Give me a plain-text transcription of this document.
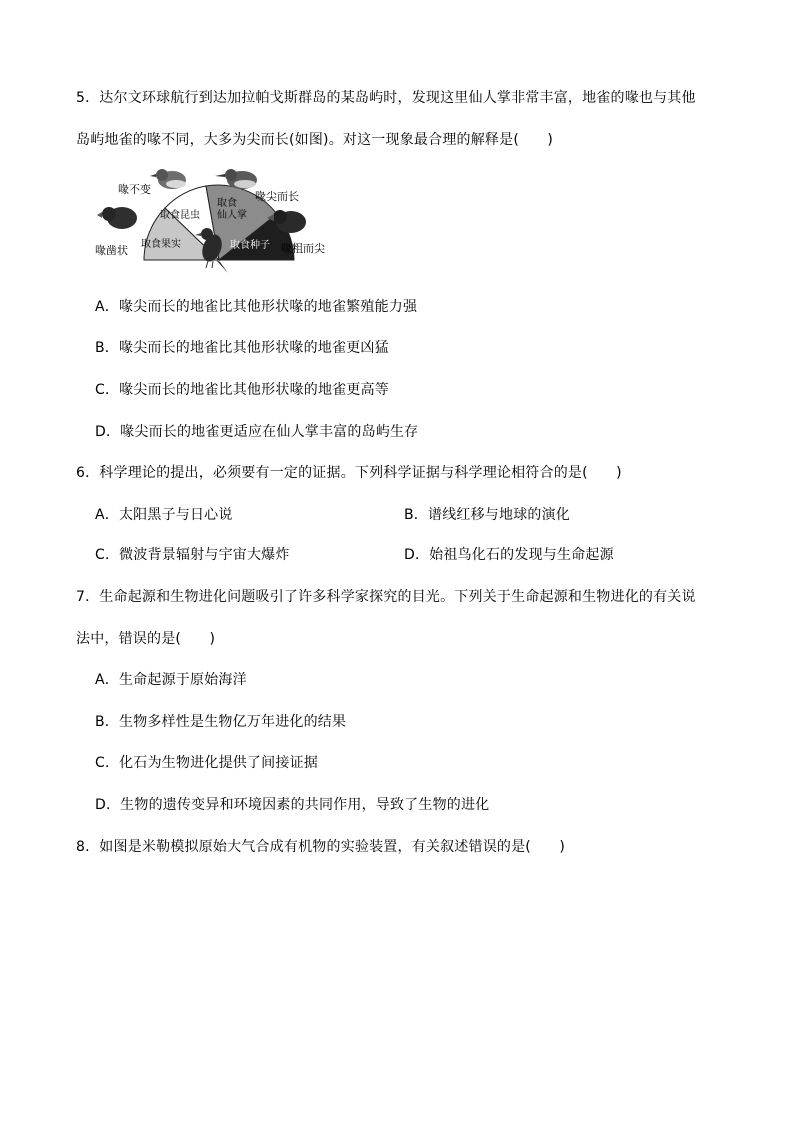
5．达尔文环球航行到达加拉帕戈斯群岛的某岛屿时，发现这里仙人掌非常丰富，地雀的喙也与其他
岛屿地雀的喙不同，大多为尖而长(如图)。对这一现象最合理的解释是(　　)
取食昆虫
取食
仙人掌
取食果实	取食种子
喙不变
喙尖而长
喙凿状	喙粗而尖
A．喙尖而长的地雀比其他形状喙的地雀繁殖能力强
B．喙尖而长的地雀比其他形状喙的地雀更凶猛
C．喙尖而长的地雀比其他形状喙的地雀更高等
D．喙尖而长的地雀更适应在仙人掌丰富的岛屿生存
6．科学理论的提出，必须要有一定的证据。下列科学证据与科学理论相符合的是(　　)
A．太阳黑子与日心说	B．谱线红移与地球的演化
C．微波背景辐射与宇宙大爆炸	D．始祖鸟化石的发现与生命起源
7．生命起源和生物进化问题吸引了许多科学家探究的目光。下列关于生命起源和生物进化的有关说
法中，错误的是(　　)
A．生命起源于原始海洋
B．生物多样性是生物亿万年进化的结果
C．化石为生物进化提供了间接证据
D．生物的遗传变异和环境因素的共同作用，导致了生物的进化
8．如图是米勒模拟原始大气合成有机物的实验装置，有关叙述错误的是(　　)
